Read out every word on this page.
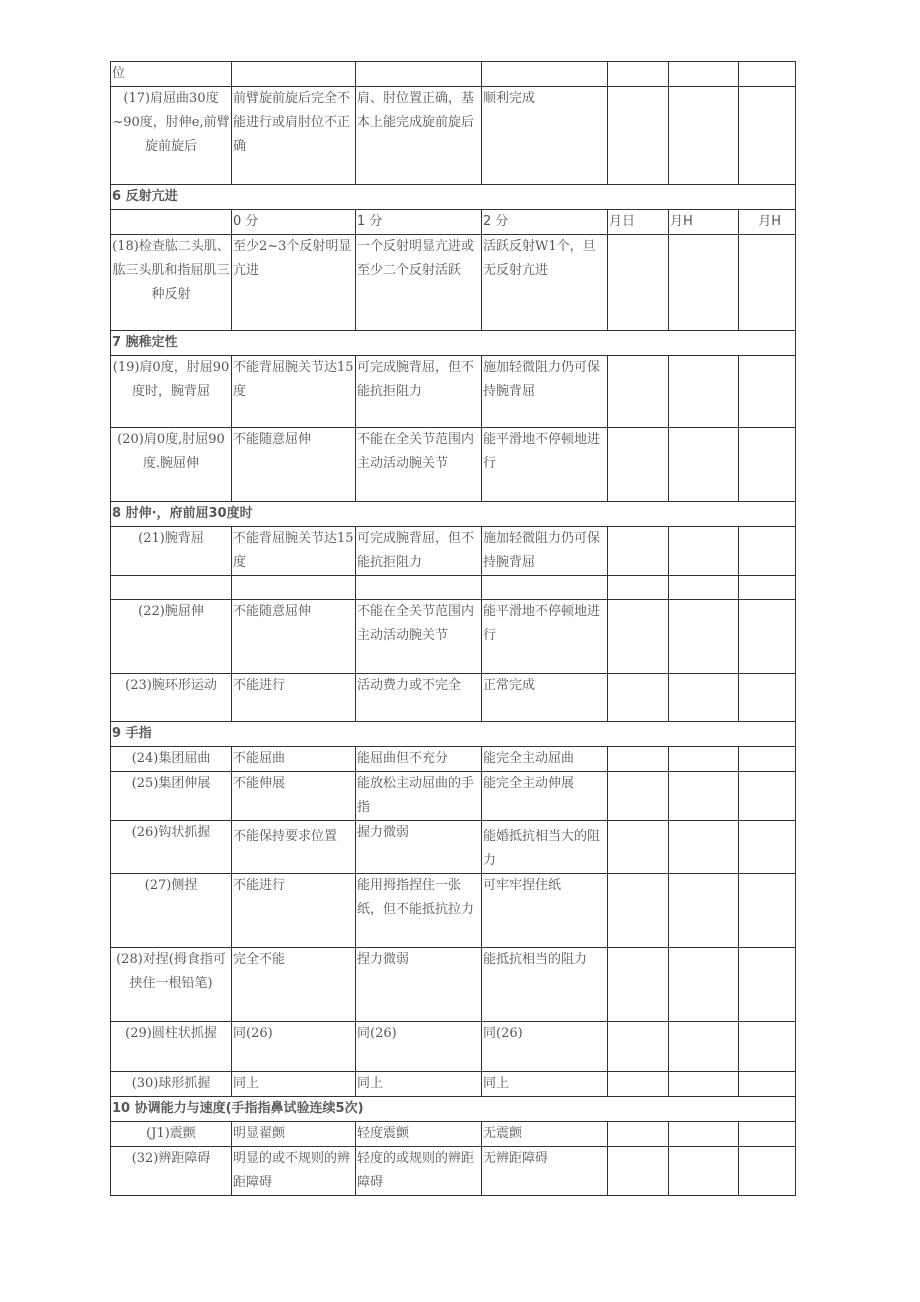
位						
(17)肩屈曲30度~90度，肘伸e,前臂旋前旋后	前臂旋前旋后完全不能进行或肩肘位不正确	肩、肘位置正确，基本上能完成旋前旋后	顺利完成			
6 反射亢进						
	0 分	1 分	2 分	月日	月H	月H
(18)检查肱二头肌、肱三头肌和指屈肌三种反射	至少2~3个反射明显亢进	一个反射明显亢进或至少二个反射活跃	活跃反射W1个，旦无反射亢进			
7 腕稚定性						
(19)肩0度，肘屈90度时，腕背屈	不能背屈腕关节达15度	可完成腕背屈，但不能抗拒阻力	施加轻微阻力仍可保持腕背屈			
(20)肩0度,肘屈90度.腕屈伸	不能随意屈伸	不能在全关节范围内主动活动腕关节	能平滑地不停顿地进行			
8 肘伸·，府前屈30度时						
(21)腕背屈	不能背屈腕关节达15度	可完成腕背屈，但不能抗拒阻力	施加轻微阻力仍可保持腕背屈			

(22)腕屈伸	不能随意屈伸	不能在全关节范围内主动活动腕关节	能平滑地不停顿地进行			
(23)腕环形运动	不能进行	活动费力或不完全	正常完成			
9 手指						
(24)集团屈曲	不能屈曲	能屈曲但不充分	能完全主动屈曲			
(25)集团伸展	不能伸展	能放松主动屈曲的手指	能完全主动伸展			
(26)钩状抓握	不能保持要求位置	握力微弱	能婚抵抗相当大的阻力			
(27)侧捏	不能进行	能用拇指捏住一张纸，但不能抵抗拉力	可牢牢捏住纸			
(28)对捏(拇食指可挟住一根铅笔)	完全不能	捏力微弱	能抵抗相当的阻力			
(29)圆柱状抓握	同(26)	同(26)	同(26)			
(30)球形抓握	同上	同上	同上			
10 协调能力与速度(手指指鼻试验连续5次)						
(J1)震颤	明显翟颤	轻度震颤	无震颤			
(32)辨距障碍	明显的或不规则的辨距障碍	轻度的或规则的辨距障碍	无辨距障碍			
